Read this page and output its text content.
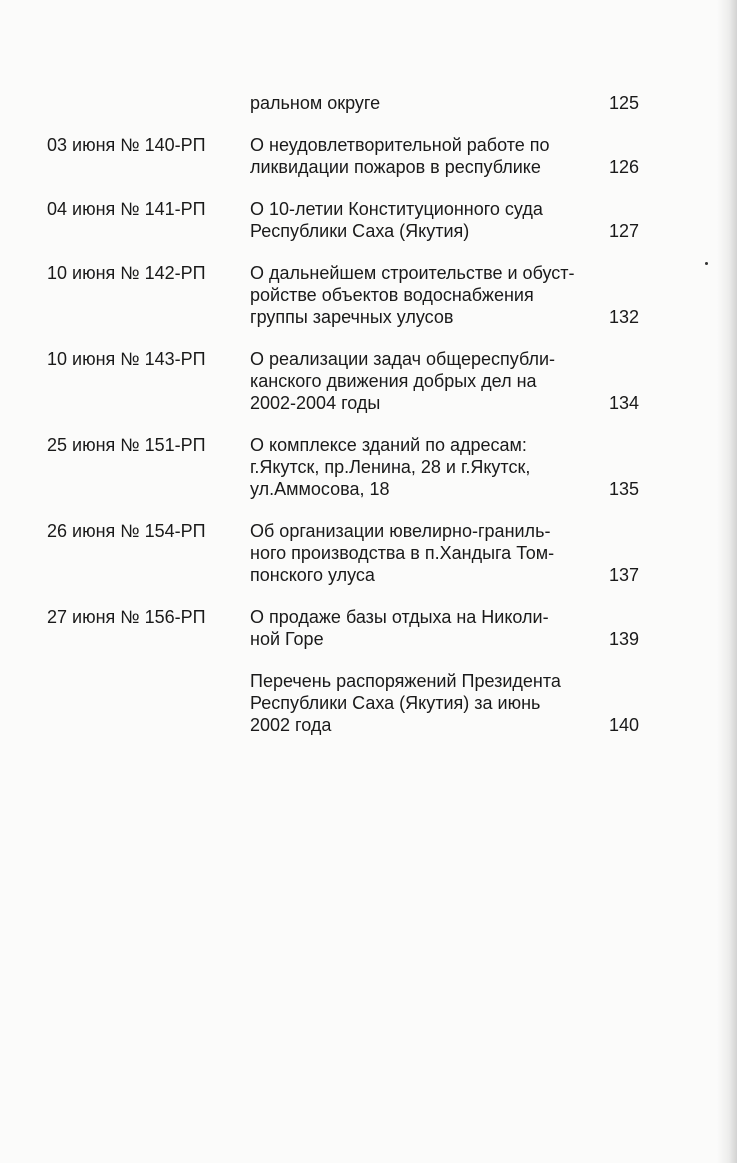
ральном округе	125
03 июня № 140-РП О неудовлетворительной работе по
ликвидации пожаров в республике	126
04 июня № 141-РП О 10-летии Конституционного суда
Республики Саха (Якутия)	127
10 июня № 142-РП О дальнейшем строительстве и обуст-
ройстве объектов водоснабжения
группы заречных улусов	132
10 июня № 143-РП О реализации задач общереспубли-
канского движения добрых дел на
2002-2004 годы	134
25 июня № 151-РП О комплексе зданий по адресам:
г.Якутск, пр.Ленина, 28 и г.Якутск,
ул.Аммосова, 18	135
26 июня № 154-РП Об организации ювелирно-граниль-
ного производства в п.Хандыга Том-
понского улуса	137
27 июня № 156-РП О продаже базы отдыха на Николи-
ной Горе	139
Перечень распоряжений Президента
Республики Саха (Якутия) за июнь
2002 года	140
